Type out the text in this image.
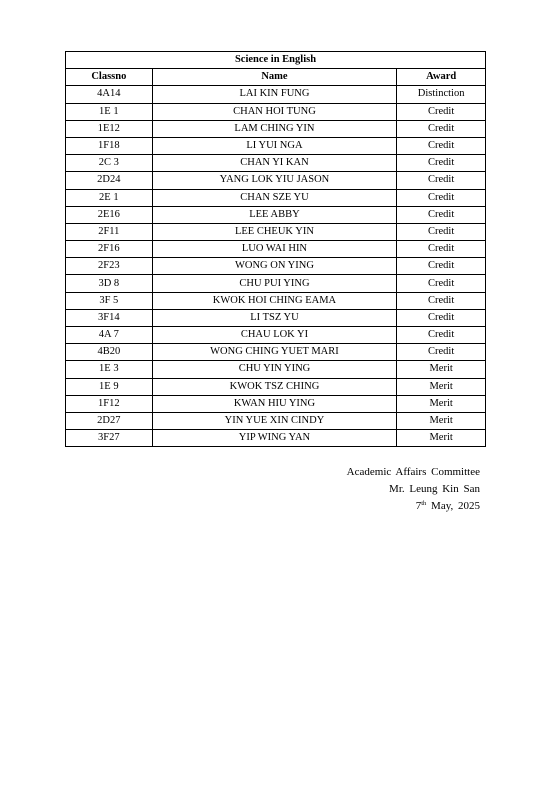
Science in English		
Classno	Name	Award
4A14	LAI KIN FUNG	Distinction
1E 1	CHAN HOI TUNG	Credit
1E12	LAM CHING YIN	Credit
1F18	LI YUI NGA	Credit
2C 3	CHAN YI KAN	Credit
2D24	YANG LOK YIU JASON	Credit
2E 1	CHAN SZE YU	Credit
2E16	LEE ABBY	Credit
2F11	LEE CHEUK YIN	Credit
2F16	LUO WAI HIN	Credit
2F23	WONG ON YING	Credit
3D 8	CHU PUI YING	Credit
3F 5	KWOK HOI CHING EAMA	Credit
3F14	LI TSZ YU	Credit
4A 7	CHAU LOK YI	Credit
4B20	WONG CHING YUET MARI	Credit
1E 3	CHU YIN YING	Merit
1E 9	KWOK TSZ CHING	Merit
1F12	KWAN HIU YING	Merit
2D27	YIN YUE XIN CINDY	Merit
3F27	YIP WING YAN	Merit
Academic Affairs Committee
Mr. Leung Kin San
7th May, 2025
